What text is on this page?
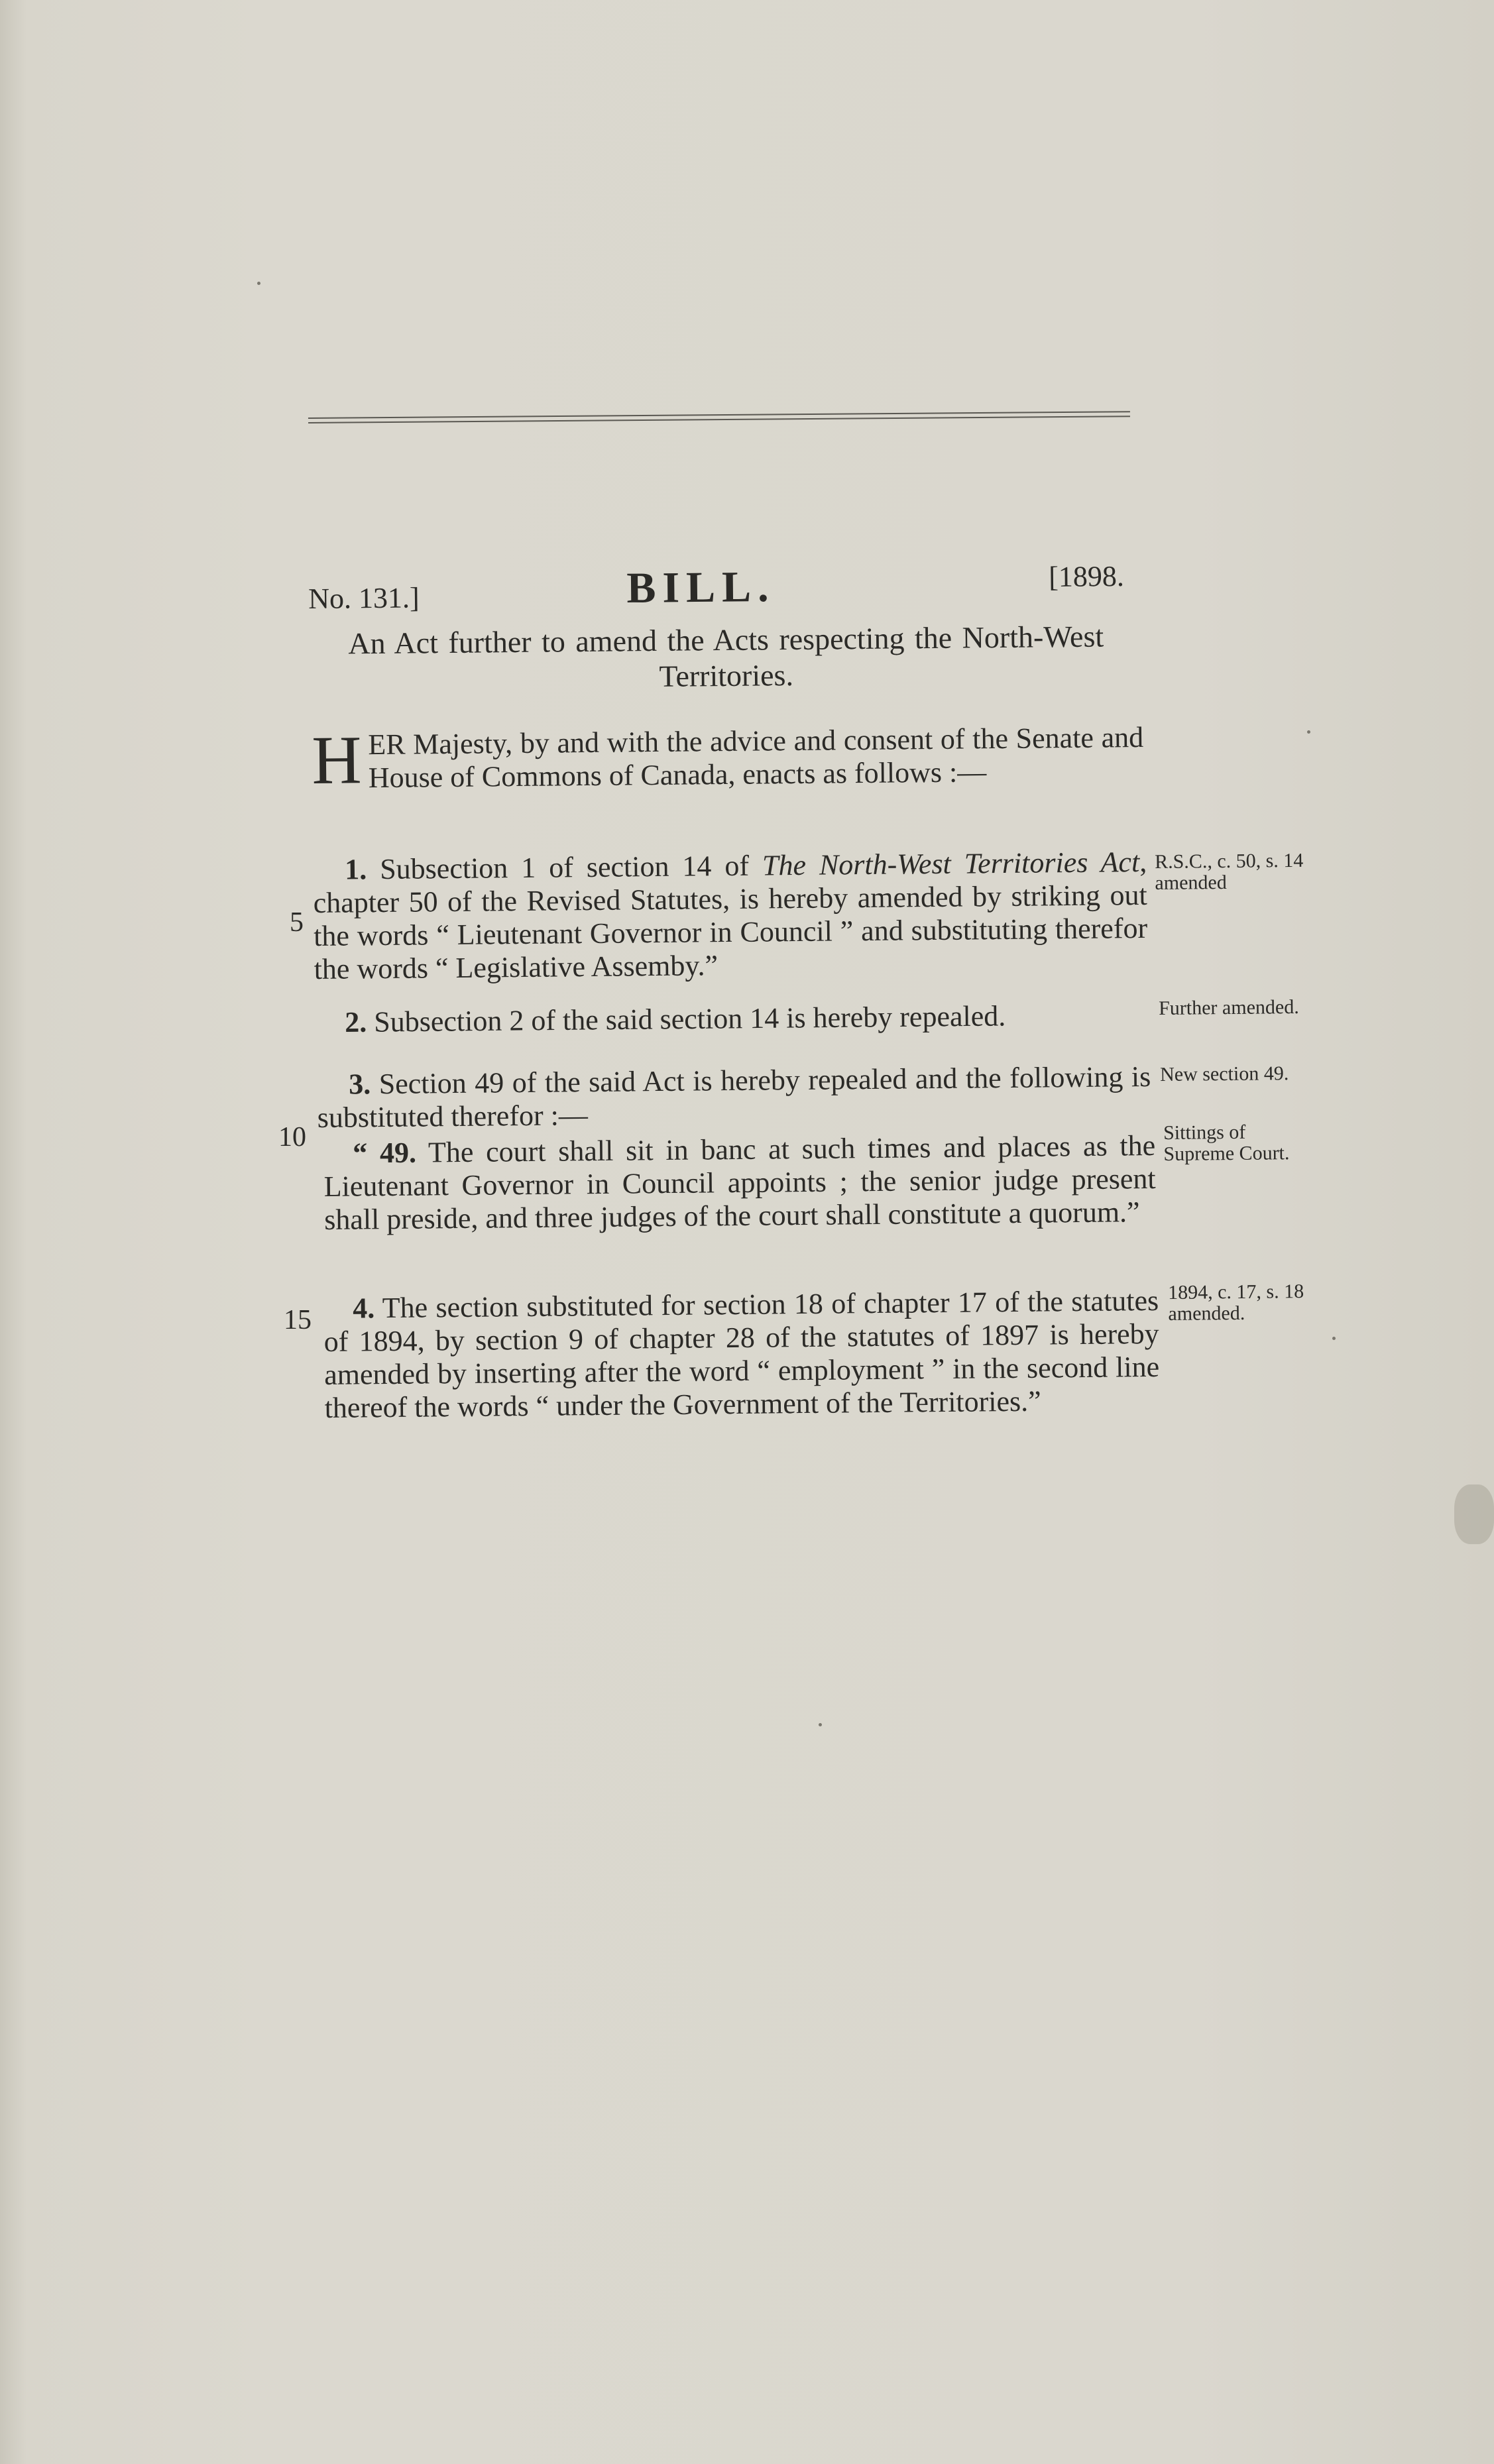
No. 131.]	BILL.	[1898.
An Act further to amend the Acts respecting the North-West Territories.
H ER Majesty, by and with the advice and consent of the Senate and House of Commons of Canada, enacts as follows :—
1. Subsection 1 of section 14 of The North-West Territories Act, chapter 50 of the Revised Statutes, is hereby amended by striking out the words “ Lieutenant Governor in Council ” and substituting therefor the words “ Legislative Assemby.”
2. Subsection 2 of the said section 14 is hereby repealed.
3. Section 49 of the said Act is hereby repealed and the following is substituted therefor :—
“ 49. The court shall sit in banc at such times and places as the Lieutenant Governor in Council appoints ; the senior judge present shall preside, and three judges of the court shall constitute a quorum.”
4. The section substituted for section 18 of chapter 17 of the statutes of 1894, by section 9 of chapter 28 of the statutes of 1897 is hereby amended by inserting after the word “ employment ” in the second line thereof the words “ under the Government of the Territories.”
5
10
15
R.S.C., c. 50, s. 14 amended
Further amended.
New section 49.
Sittings of Supreme Court.
1894, c. 17, s. 18 amended.
